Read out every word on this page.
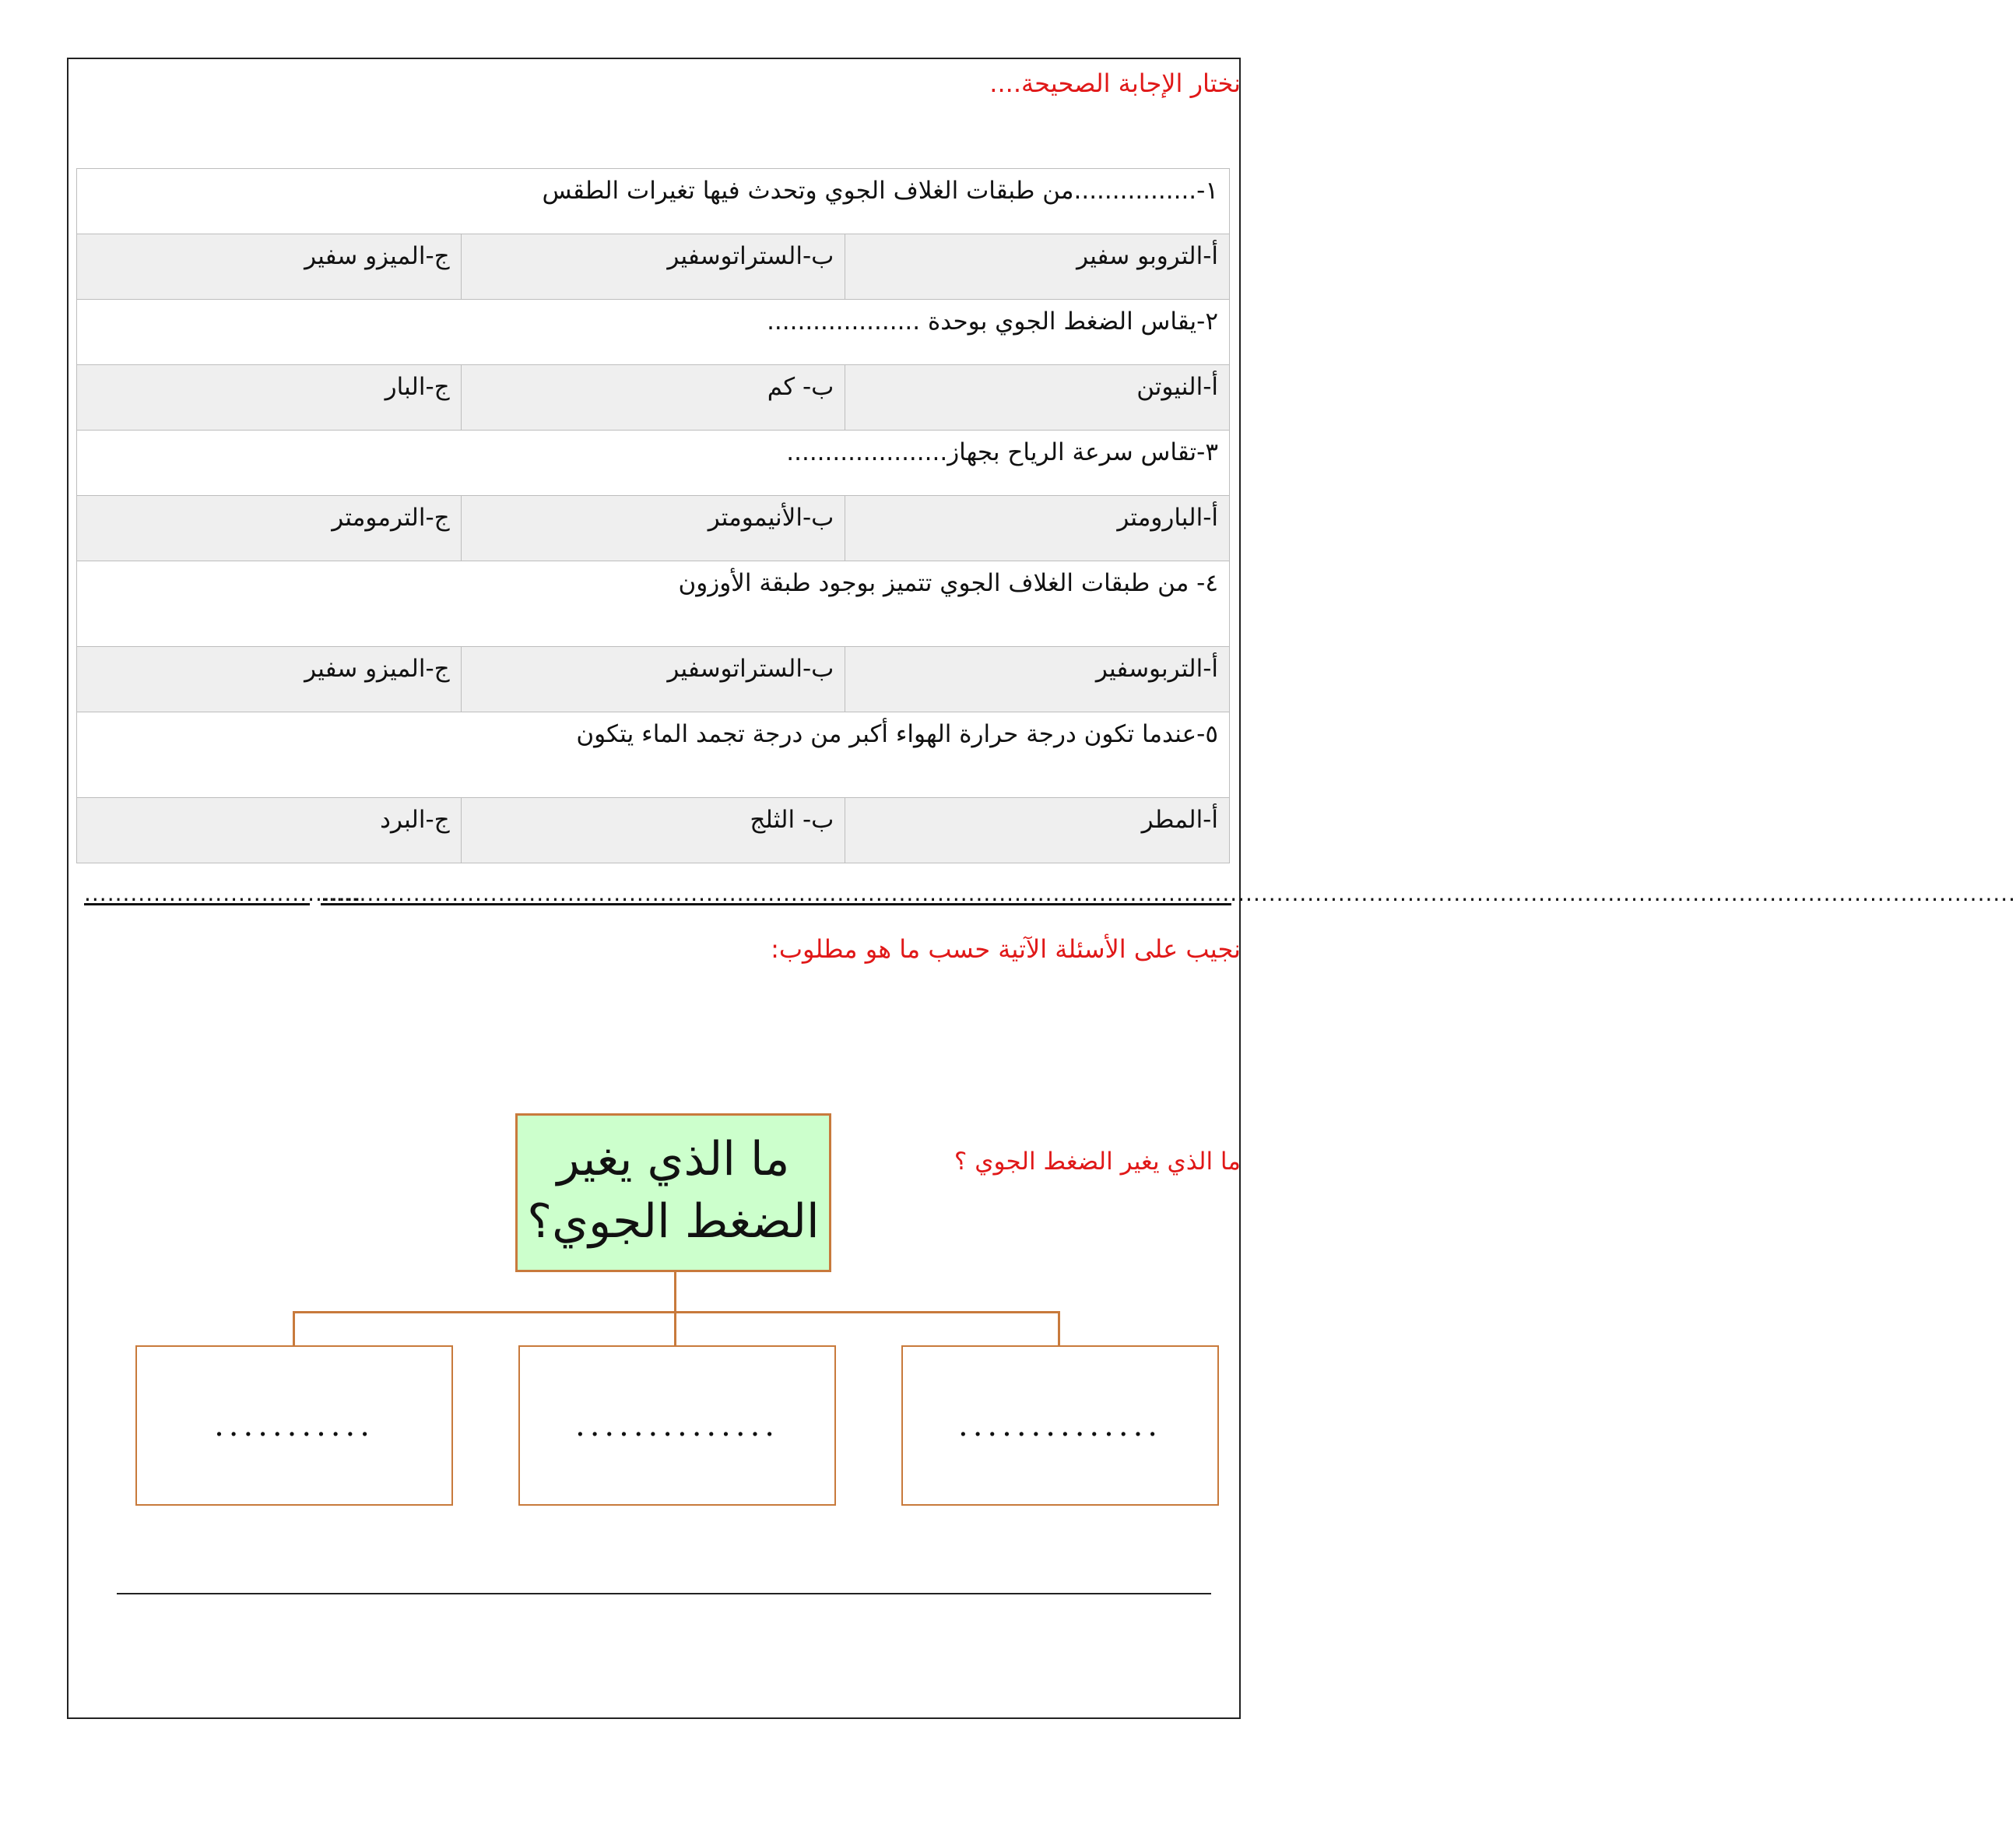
نختار الإجابة الصحيحة....
١-................من طبقات الغلاف الجوي وتحدث فيها تغيرات الطقس		
أ-التروبو سفير	ب-الستراتوسفير	ج-الميزو سفير
٢-يقاس الضغط الجوي بوحدة ....................		
أ-النيوتن	ب- كم	ج-البار
٣-تقاس سرعة الرياح بجهاز.....................		
أ-البارومتر	ب-الأنيمومتر	ج-الترمومتر
٤- من طبقات الغلاف الجوي تتميز بوجود طبقة الأوزون		
أ-التربوسفير	ب-الستراتوسفير	ج-الميزو سفير
٥-عندما تكون درجة حرارة الهواء أكبر من درجة تجمد الماء يتكون		
أ-المطر	ب- الثلج	ج-البرد
............................................................................................................................................................................................................................
....................................
نجيب على الأسئلة الآتية حسب ما هو مطلوب:
ما الذي يغير الضغط الجوي ؟
ما الذي يغير
الضغط الجوي؟
..............
..............
...........
